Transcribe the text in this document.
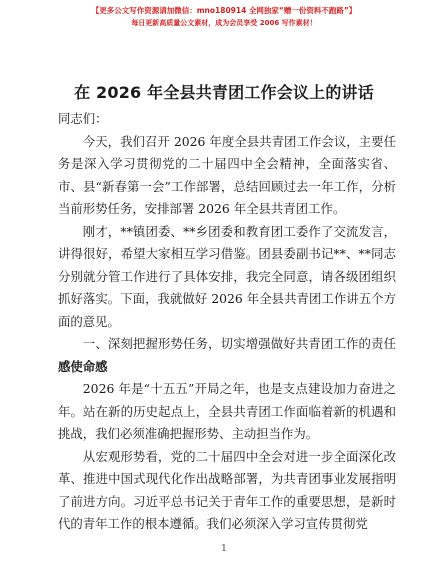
【更多公文写作资源请加微信：mno180914 全网独家“赠一份资料不跑路”】
每日更新高质量公文素材，成为会员享受 2006 写作素材！
在 2026 年全县共青团工作会议上的讲话

同志们：

今天，我们召开 2026 年度全县共青团工作会议，主要任务是深入学习贯彻党的二十届四中全会精神，全面落实省、市、县“新春第一会”工作部署，总结回顾过去一年工作，分析当前形势任务，安排部署 2026 年全县共青团工作。

刚才，**镇团委、**乡团委和教育团工委作了交流发言，讲得很好，希望大家相互学习借鉴。团县委副书记**、**同志分别就分管工作进行了具体安排，我完全同意，请各级团组织抓好落实。下面，我就做好 2026 年全县共青团工作讲五个方面的意见。

一、深刻把握形势任务，切实增强做好共青团工作的责任感使命感

2026 年是“十五五”开局之年，也是支点建设加力奋进之年。站在新的历史起点上，全县共青团工作面临着新的机遇和挑战，我们必须准确把握形势、主动担当作为。

从宏观形势看，党的二十届四中全会对进一步全面深化改革、推进中国式现代化作出战略部署，为共青团事业发展指明了前进方向。习近平总书记关于青年工作的重要思想，是新时代的青年工作的根本遵循。我们必须深入学习宣传贯彻党

1
